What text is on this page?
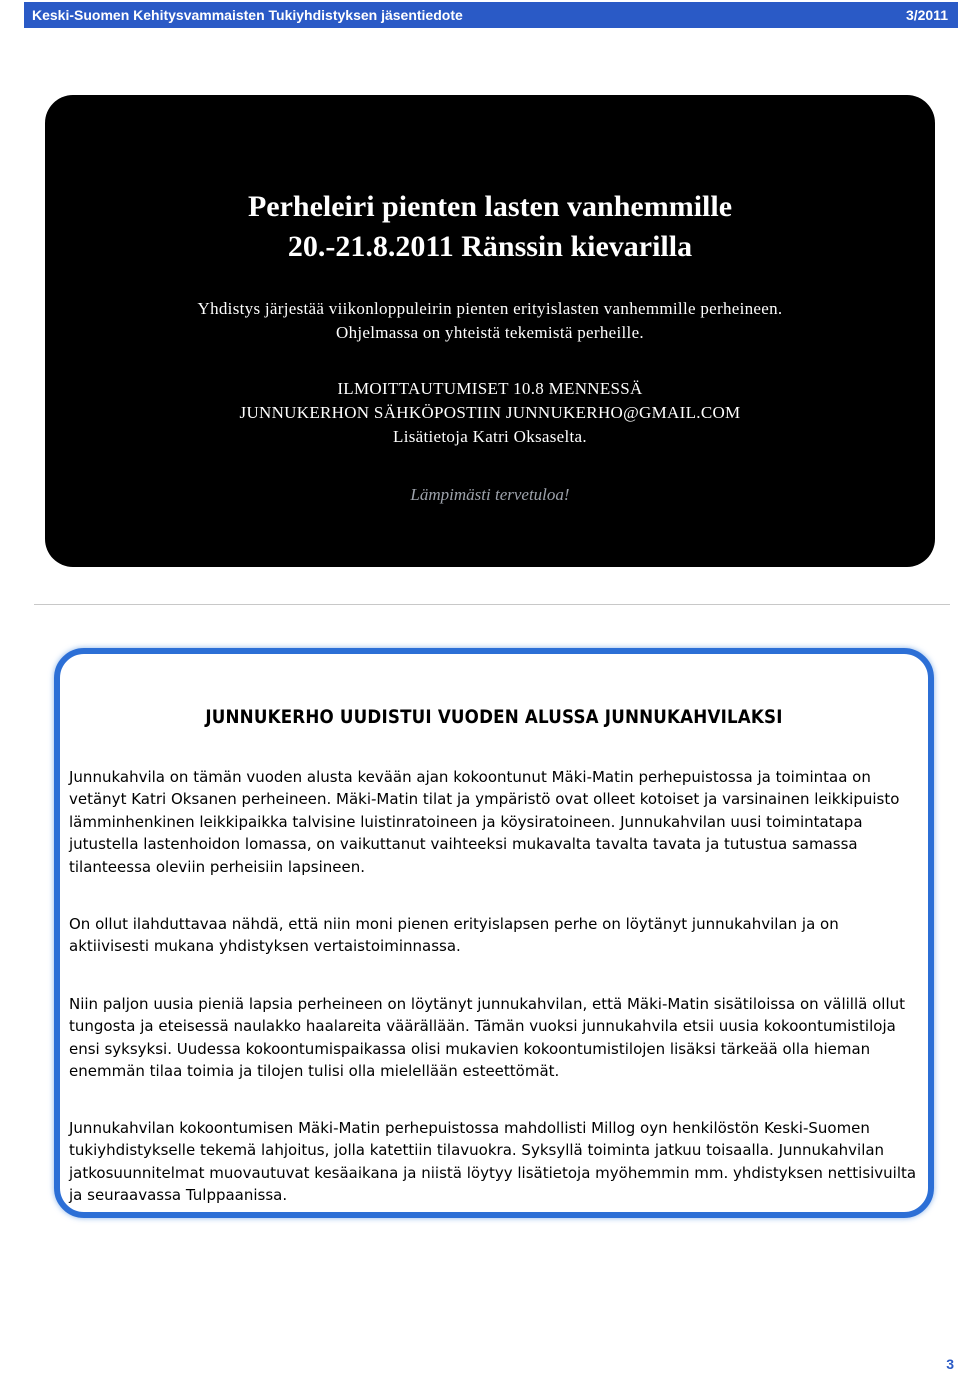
Keski-Suomen Kehitysvammaisten Tukiyhdistyksen jäsentiedote	3/2011
Perheleiri pienten lasten vanhemmille
20.-21.8.2011 Ränssin kievarilla
Yhdistys järjestää viikonloppuleirin pienten erityislasten vanhemmille perheineen.
Ohjelmassa on yhteistä tekemistä perheille.
ILMOITTAUTUMISET 10.8 MENNESSÄ
JUNNUKERHON SÄHKÖPOSTIIN JUNNUKERHO@GMAIL.COM
Lisätietoja Katri Oksaselta.
Lämpimästi tervetuloa!
JUNNUKERHO UUDISTUI VUODEN ALUSSA JUNNUKAHVILAKSI

Junnukahvila on tämän vuoden alusta kevään ajan kokoontunut Mäki-Matin perhepuistossa ja toimintaa on vetänyt Katri Oksanen perheineen. Mäki-Matin tilat ja ympäristö ovat olleet kotoiset ja varsinainen leikkipuisto lämminhenkinen leikkipaikka talvisine luistinratoineen ja köysiratoineen. Junnukahvilan uusi toimintatapa jutustella lastenhoidon lomassa, on vaikuttanut vaihteeksi mukavalta tavalta tavata ja tutustua samassa tilanteessa oleviin perheisiin lapsineen.

On ollut ilahduttavaa nähdä, että niin moni pienen erityislapsen perhe on löytänyt junnukahvilan ja on aktiivisesti mukana yhdistyksen vertaistoiminnassa.

Niin paljon uusia pieniä lapsia perheineen on löytänyt junnukahvilan, että Mäki-Matin sisätiloissa on välillä ollut tungosta ja eteisessä naulakko haalareita väärällään. Tämän vuoksi junnukahvila etsii uusia kokoontumistiloja ensi syksyksi. Uudessa kokoontumispaikassa olisi mukavien kokoontumistilojen lisäksi tärkeää olla hieman enemmän tilaa toimia ja tilojen tulisi olla mielellään esteettömät.

Junnukahvilan kokoontumisen Mäki-Matin perhepuistossa mahdollisti Millog oyn henkilöstön Keski-Suomen tukiyhdistykselle tekemä lahjoitus, jolla katettiin tilavuokra. Syksyllä toiminta jatkuu toisaalla. Junnukahvilan jatkosuunnitelmat muovautuvat kesäaikana ja niistä löytyy lisätietoja myöhemmin mm. yhdistyksen nettisivuilta ja seuraavassa Tulppaanissa.

3
